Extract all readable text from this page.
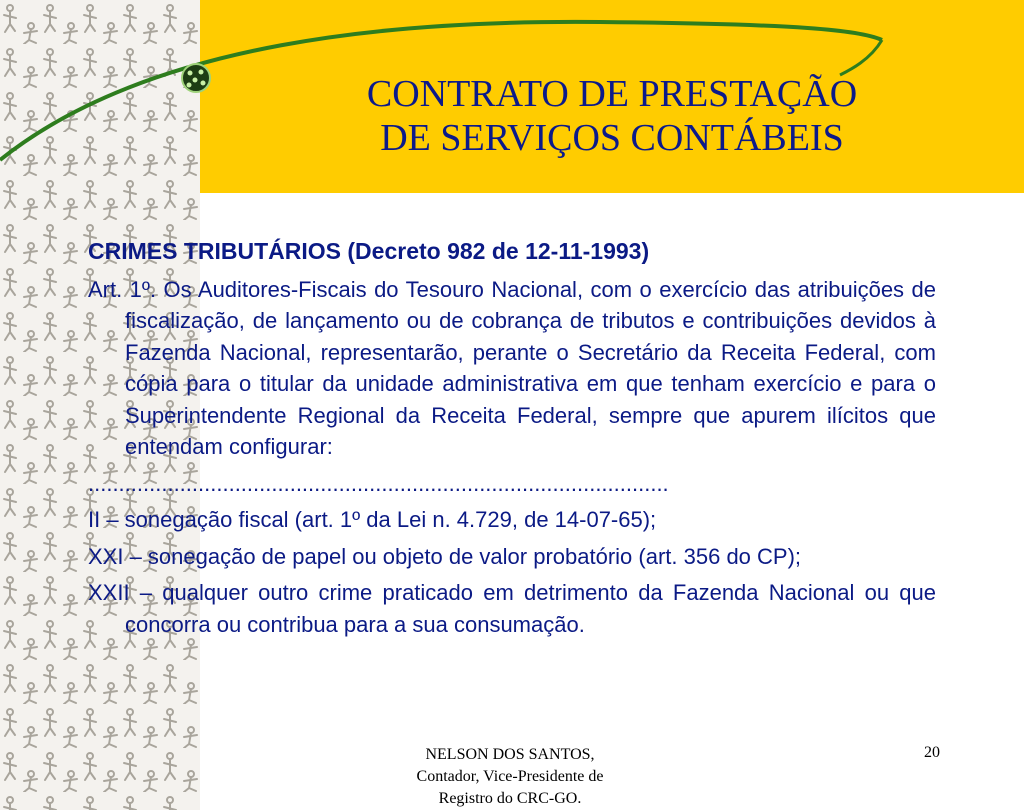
CONTRATO DE PRESTAÇÃO
DE SERVIÇOS CONTÁBEIS

CRIMES TRIBUTÁRIOS (Decreto 982 de 12-11-1993)

Art. 1º. Os Auditores-Fiscais do Tesouro Nacional, com o exercício das atribuições de fiscalização, de lançamento ou de cobrança de tributos e contribuições devidos à Fazenda Nacional, representarão, perante o Secretário da Receita Federal, com cópia para o titular da unidade administrativa em que tenham exercício e para o Superintendente Regional da Receita Federal, sempre que apurem ilícitos que entendam configurar:

...............................................................................................

II – sonegação fiscal (art. 1º da Lei n. 4.729, de 14-07-65);

XXI – sonegação de papel ou objeto de valor probatório (art. 356 do CP);

XXII – qualquer outro crime praticado em detrimento da Fazenda Nacional ou que concorra ou contribua para a sua consumação.

NELSON DOS SANTOS,
Contador, Vice-Presidente de
Registro do CRC-GO.
20
